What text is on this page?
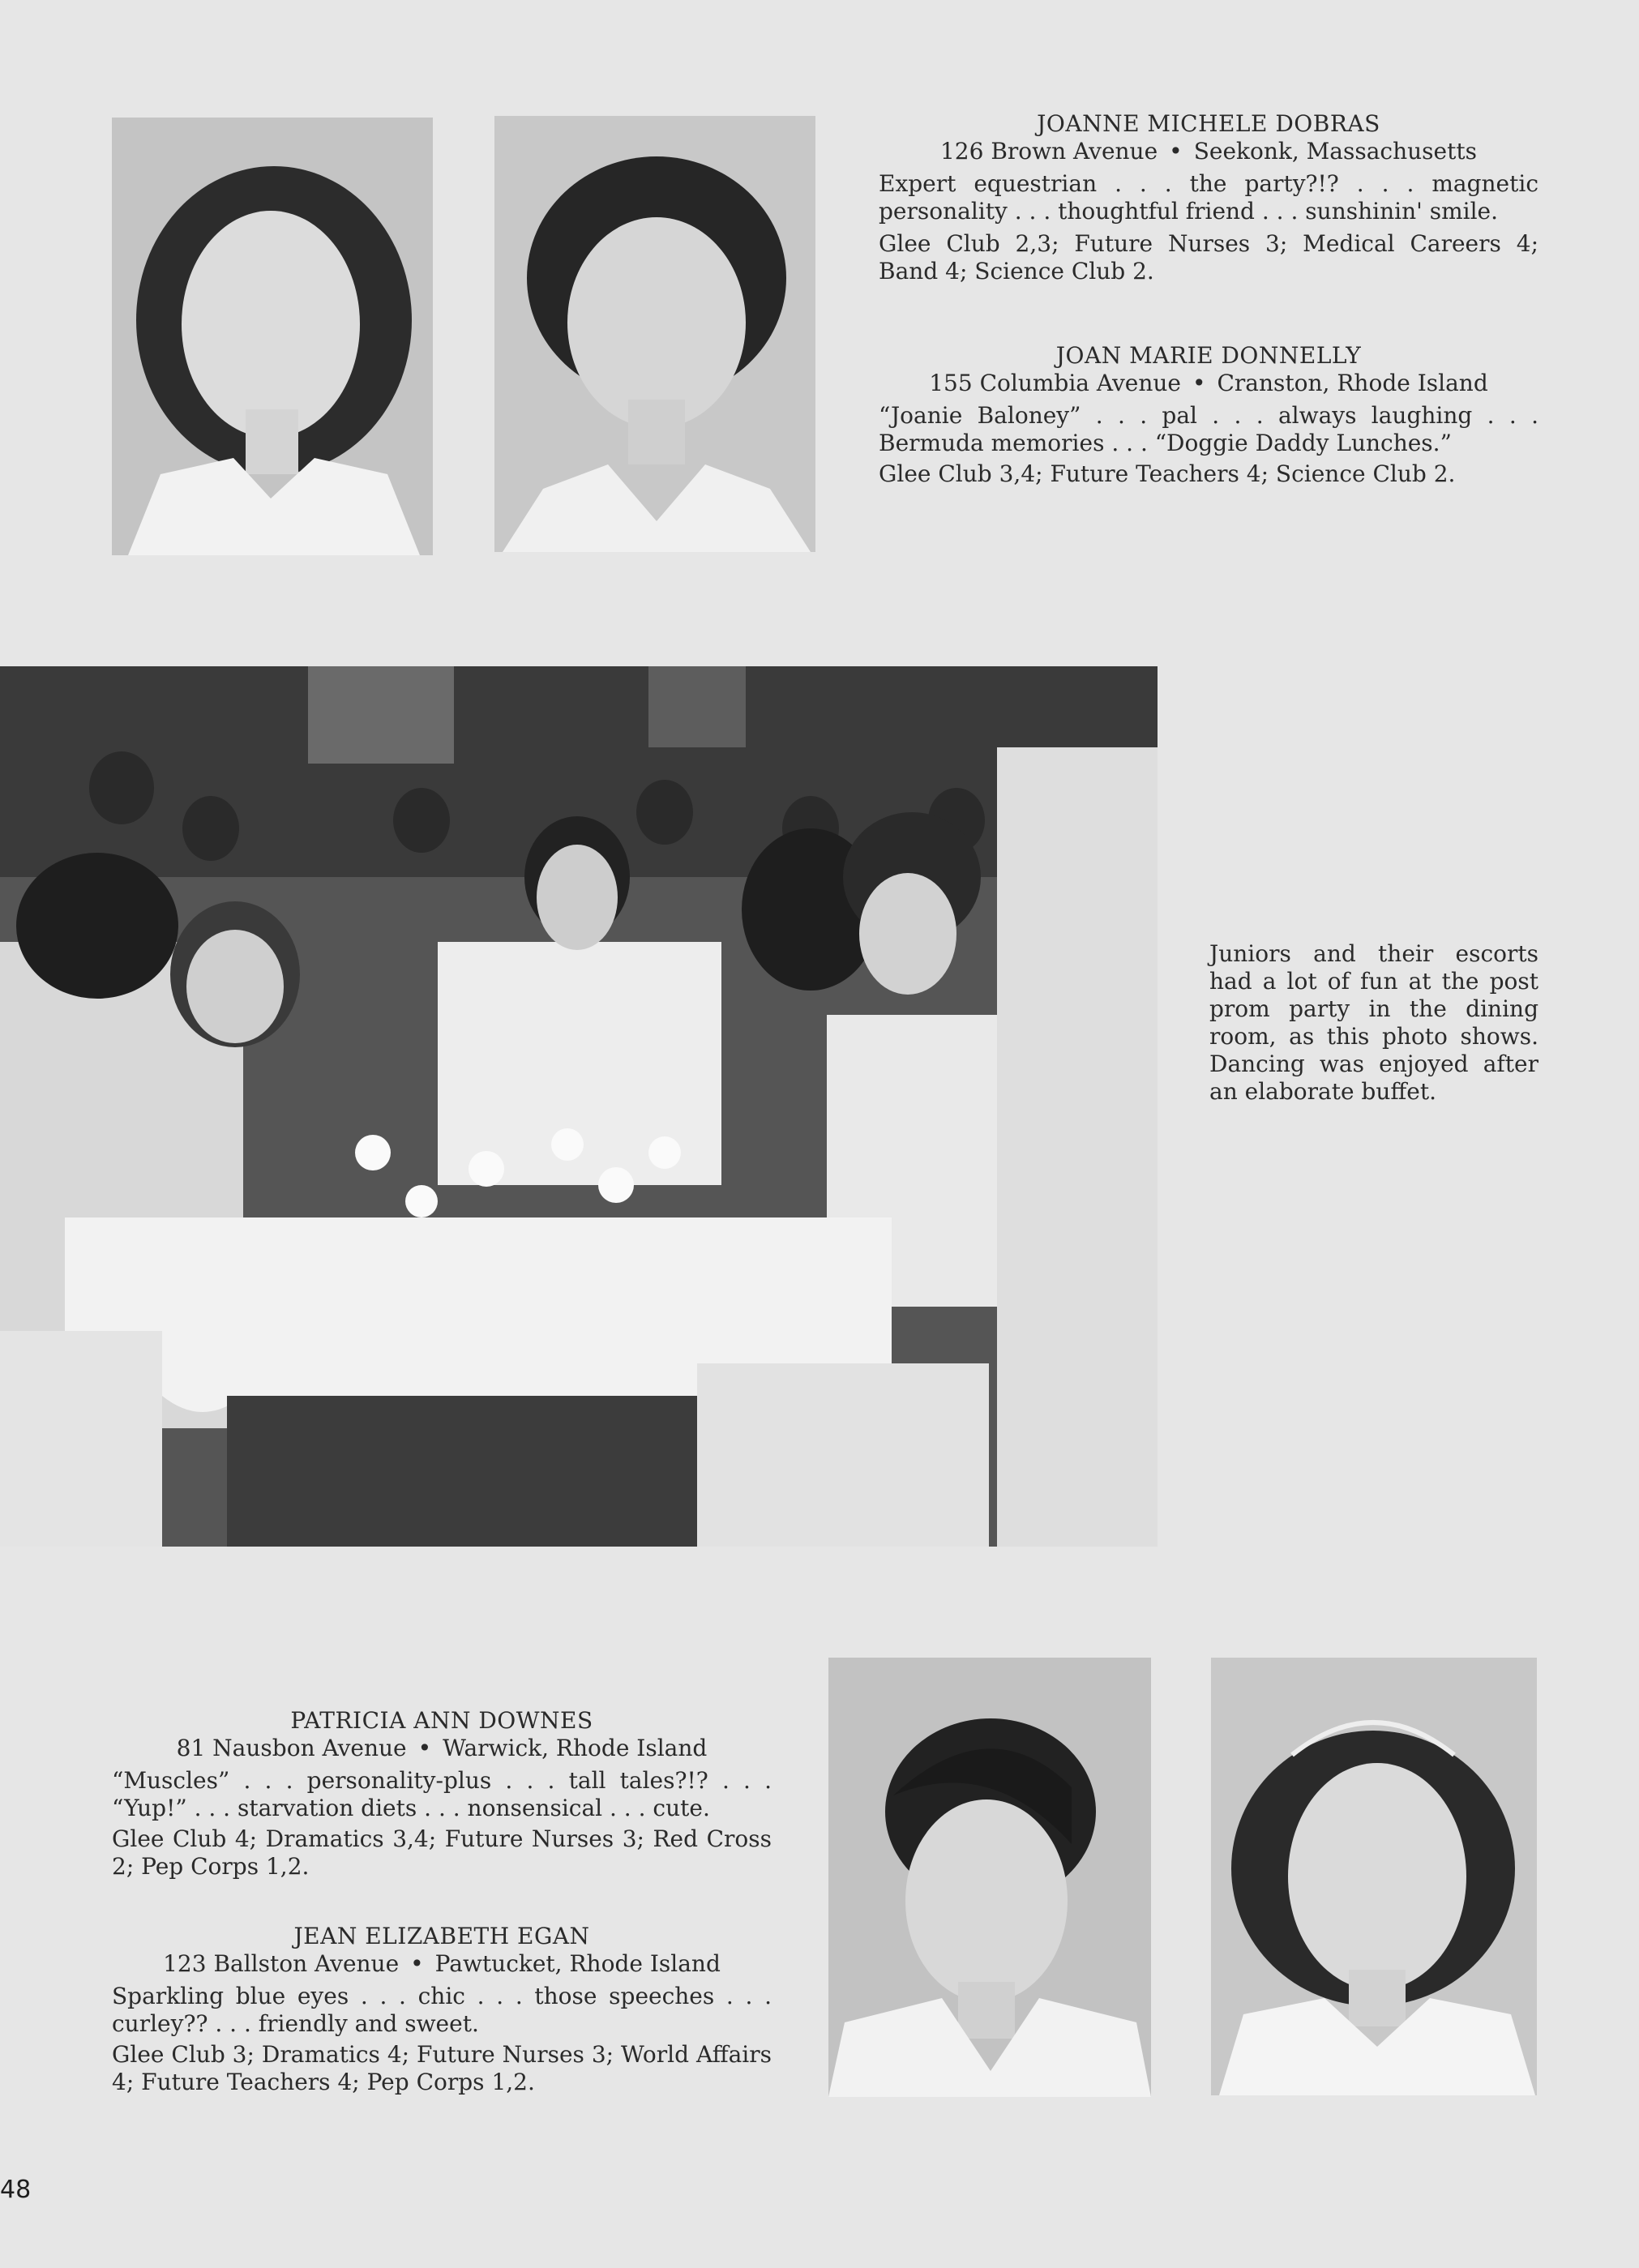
JOANNE MICHELE DOBRAS
126 Brown Avenue • Seekonk, Massachusetts
Expert equestrian . . . the party?!? . . . magnetic personality . . . thoughtful friend . . . sunshinin' smile.
Glee Club 2,3; Future Nurses 3; Medical Careers 4; Band 4; Science Club 2.
JOAN MARIE DONNELLY
155 Columbia Avenue • Cranston, Rhode Island
“Joanie Baloney” . . . pal . . . always laughing . . . Bermuda memories . . . “Doggie Daddy Lunches.”
Glee Club 3,4; Future Teachers 4; Science Club 2.
Juniors and their escorts had a lot of fun at the post prom party in the dining room, as this photo shows. Dancing was enjoyed after an elaborate buffet.
PATRICIA ANN DOWNES
81 Nausbon Avenue • Warwick, Rhode Island
“Muscles” . . . personality-plus . . . tall tales?!? . . . “Yup!” . . . starvation diets . . . nonsensical . . . cute.
Glee Club 4; Dramatics 3,4; Future Nurses 3; Red Cross 2; Pep Corps 1,2.
JEAN ELIZABETH EGAN
123 Ballston Avenue • Pawtucket, Rhode Island
Sparkling blue eyes . . . chic . . . those speeches . . . curley?? . . . friendly and sweet.
Glee Club 3; Dramatics 4; Future Nurses 3; World Affairs 4; Future Teachers 4; Pep Corps 1,2.
48
